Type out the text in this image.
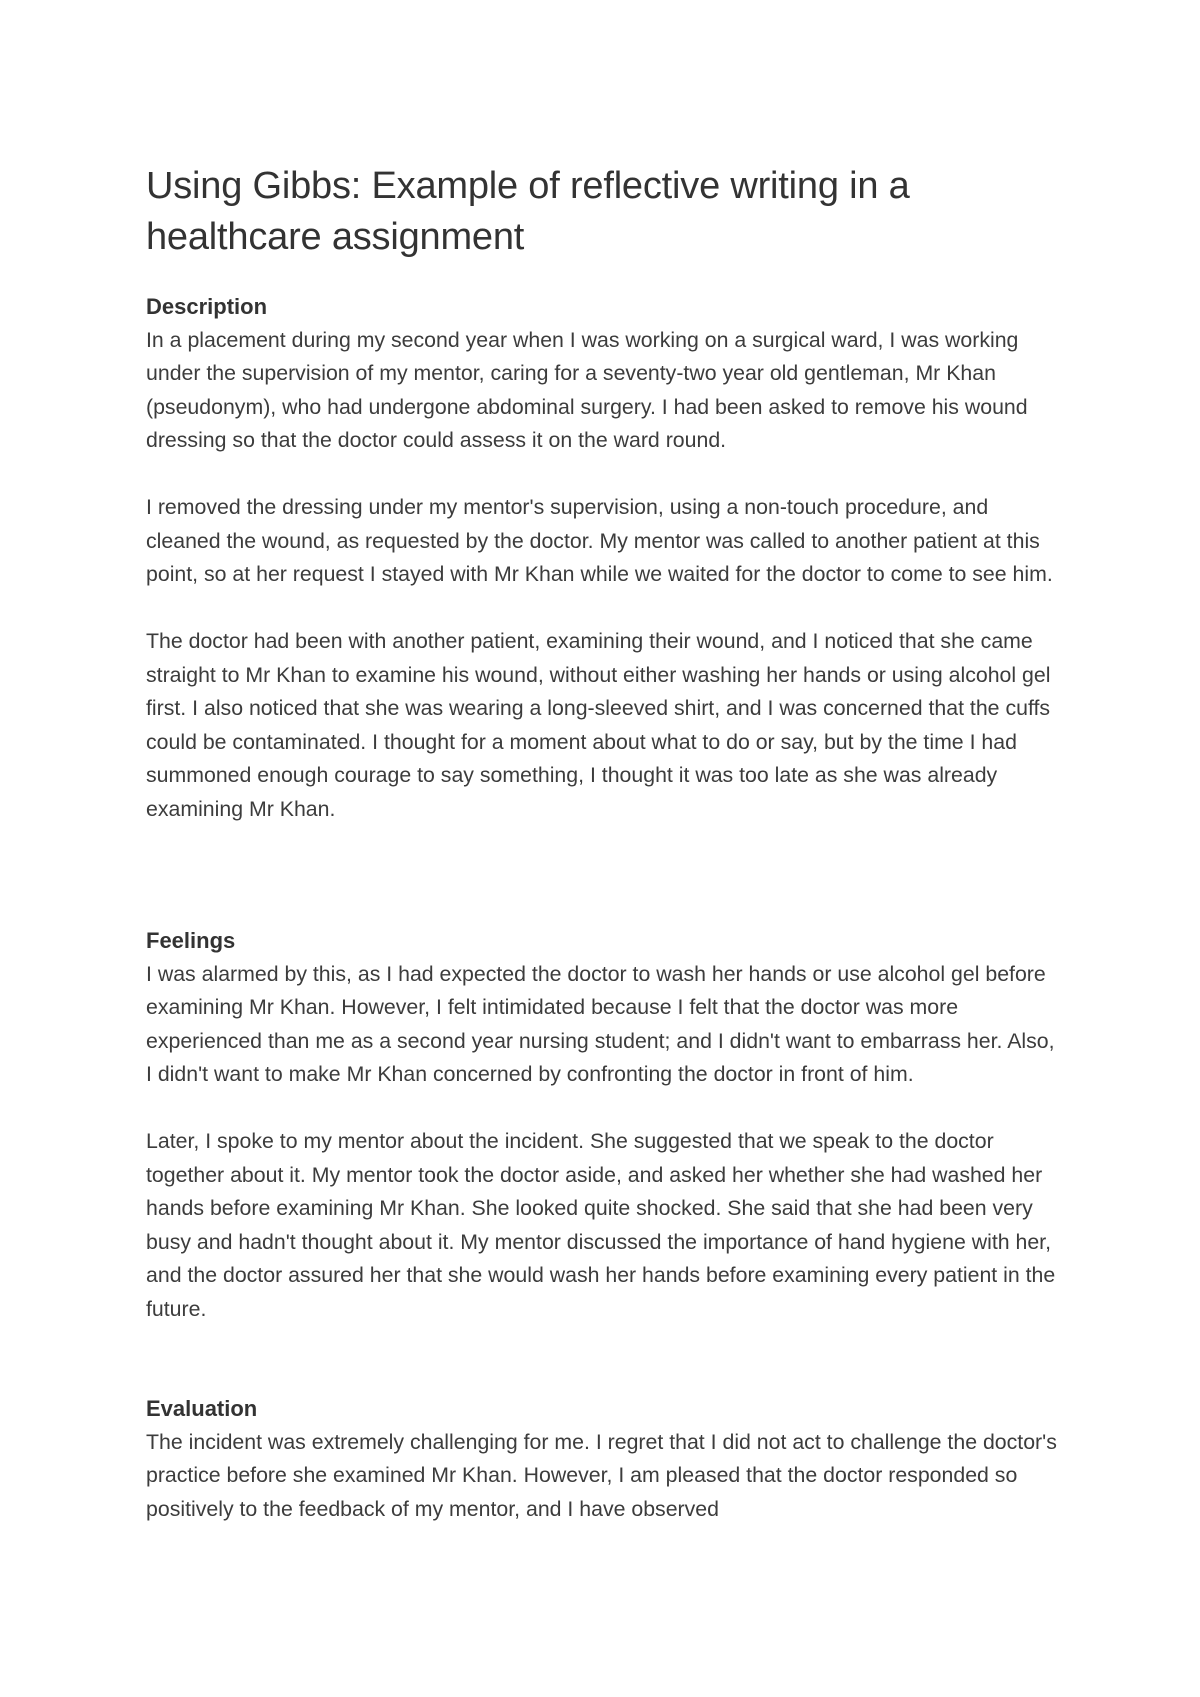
Using Gibbs: Example of reflective writing in a healthcare assignment
Description

In a placement during my second year when I was working on a surgical ward, I was working under the supervision of my mentor, caring for a seventy-two year old gentleman, Mr Khan (pseudonym), who had undergone abdominal surgery. I had been asked to remove his wound dressing so that the doctor could assess it on the ward round.

I removed the dressing under my mentor's supervision, using a non-touch procedure, and cleaned the wound, as requested by the doctor. My mentor was called to another patient at this point, so at her request I stayed with Mr Khan while we waited for the doctor to come to see him.

The doctor had been with another patient, examining their wound, and I noticed that she came straight to Mr Khan to examine his wound, without either washing her hands or using alcohol gel first. I also noticed that she was wearing a long-sleeved shirt, and I was concerned that the cuffs could be contaminated. I thought for a moment about what to do or say, but by the time I had summoned enough courage to say something, I thought it was too late as she was already examining Mr Khan.

Feelings

I was alarmed by this, as I had expected the doctor to wash her hands or use alcohol gel before examining Mr Khan. However, I felt intimidated because I felt that the doctor was more experienced than me as a second year nursing student; and I didn't want to embarrass her. Also, I didn't want to make Mr Khan concerned by confronting the doctor in front of him.

Later, I spoke to my mentor about the incident. She suggested that we speak to the doctor together about it. My mentor took the doctor aside, and asked her whether she had washed her hands before examining Mr Khan. She looked quite shocked. She said that she had been very busy and hadn't thought about it. My mentor discussed the importance of hand hygiene with her, and the doctor assured her that she would wash her hands before examining every patient in the future.

Evaluation

The incident was extremely challenging for me. I regret that I did not act to challenge the doctor's practice before she examined Mr Khan. However, I am pleased that the doctor responded so positively to the feedback of my mentor, and I have observed
